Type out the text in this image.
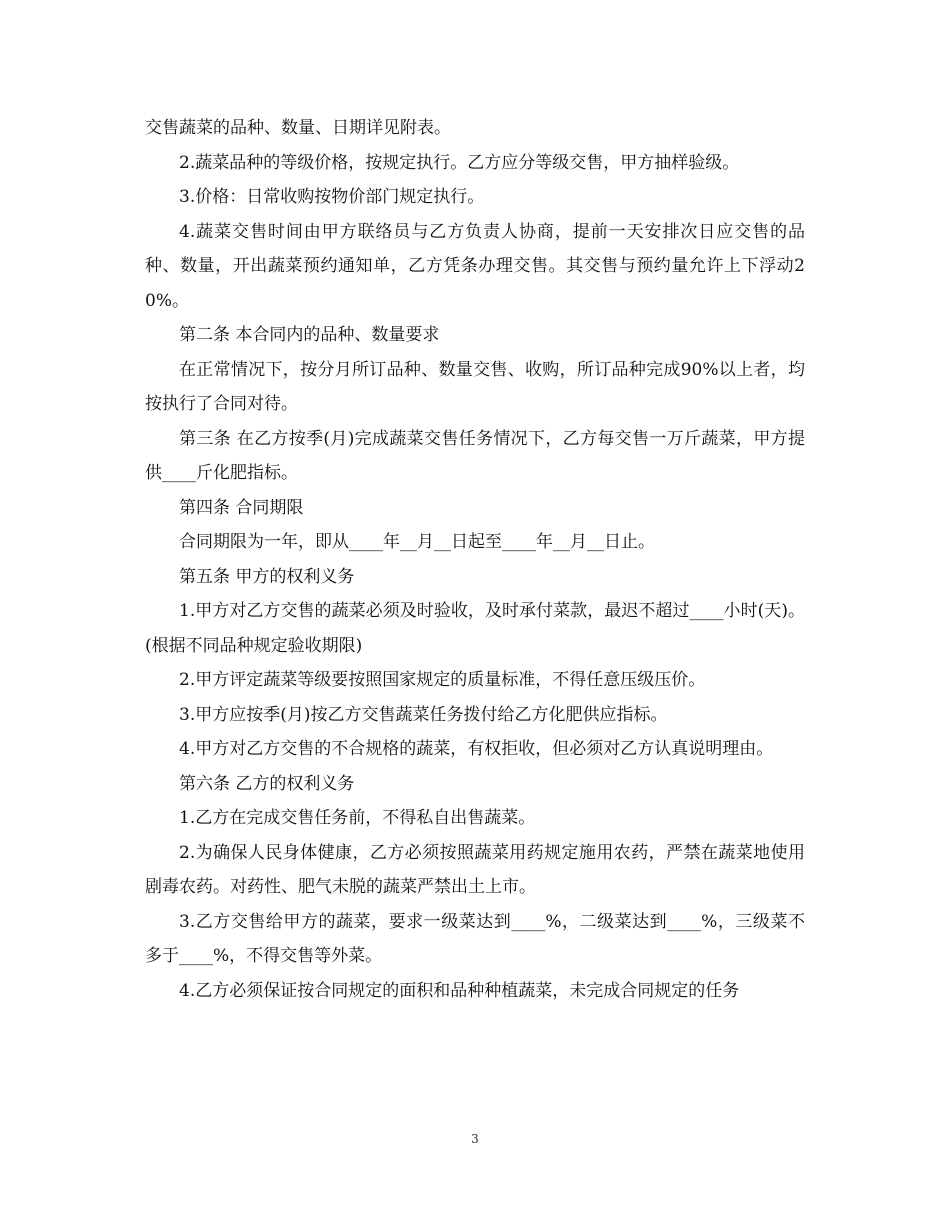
交售蔬菜的品种、数量、日期详见附表。

2.蔬菜品种的等级价格，按规定执行。乙方应分等级交售，甲方抽样验级。

3.价格：日常收购按物价部门规定执行。

4.蔬菜交售时间由甲方联络员与乙方负责人协商，提前一天安排次日应交售的品种、数量，开出蔬菜预约通知单，乙方凭条办理交售。其交售与预约量允许上下浮动20%。

第二条 本合同内的品种、数量要求

在正常情况下，按分月所订品种、数量交售、收购，所订品种完成90%以上者，均按执行了合同对待。

第三条 在乙方按季(月)完成蔬菜交售任务情况下，乙方每交售一万斤蔬菜，甲方提供____斤化肥指标。

第四条 合同期限

合同期限为一年，即从____年__月__日起至____年__月__日止。

第五条 甲方的权利义务

1.甲方对乙方交售的蔬菜必须及时验收，及时承付菜款，最迟不超过____小时(天)。(根据不同品种规定验收期限)

2.甲方评定蔬菜等级要按照国家规定的质量标准，不得任意压级压价。

3.甲方应按季(月)按乙方交售蔬菜任务拨付给乙方化肥供应指标。

4.甲方对乙方交售的不合规格的蔬菜，有权拒收，但必须对乙方认真说明理由。

第六条 乙方的权利义务

1.乙方在完成交售任务前，不得私自出售蔬菜。

2.为确保人民身体健康，乙方必须按照蔬菜用药规定施用农药，严禁在蔬菜地使用剧毒农药。对药性、肥气未脱的蔬菜严禁出土上市。

3.乙方交售给甲方的蔬菜，要求一级菜达到____%，二级菜达到____%，三级菜不多于____%，不得交售等外菜。

4.乙方必须保证按合同规定的面积和品种种植蔬菜，未完成合同规定的任务

3
